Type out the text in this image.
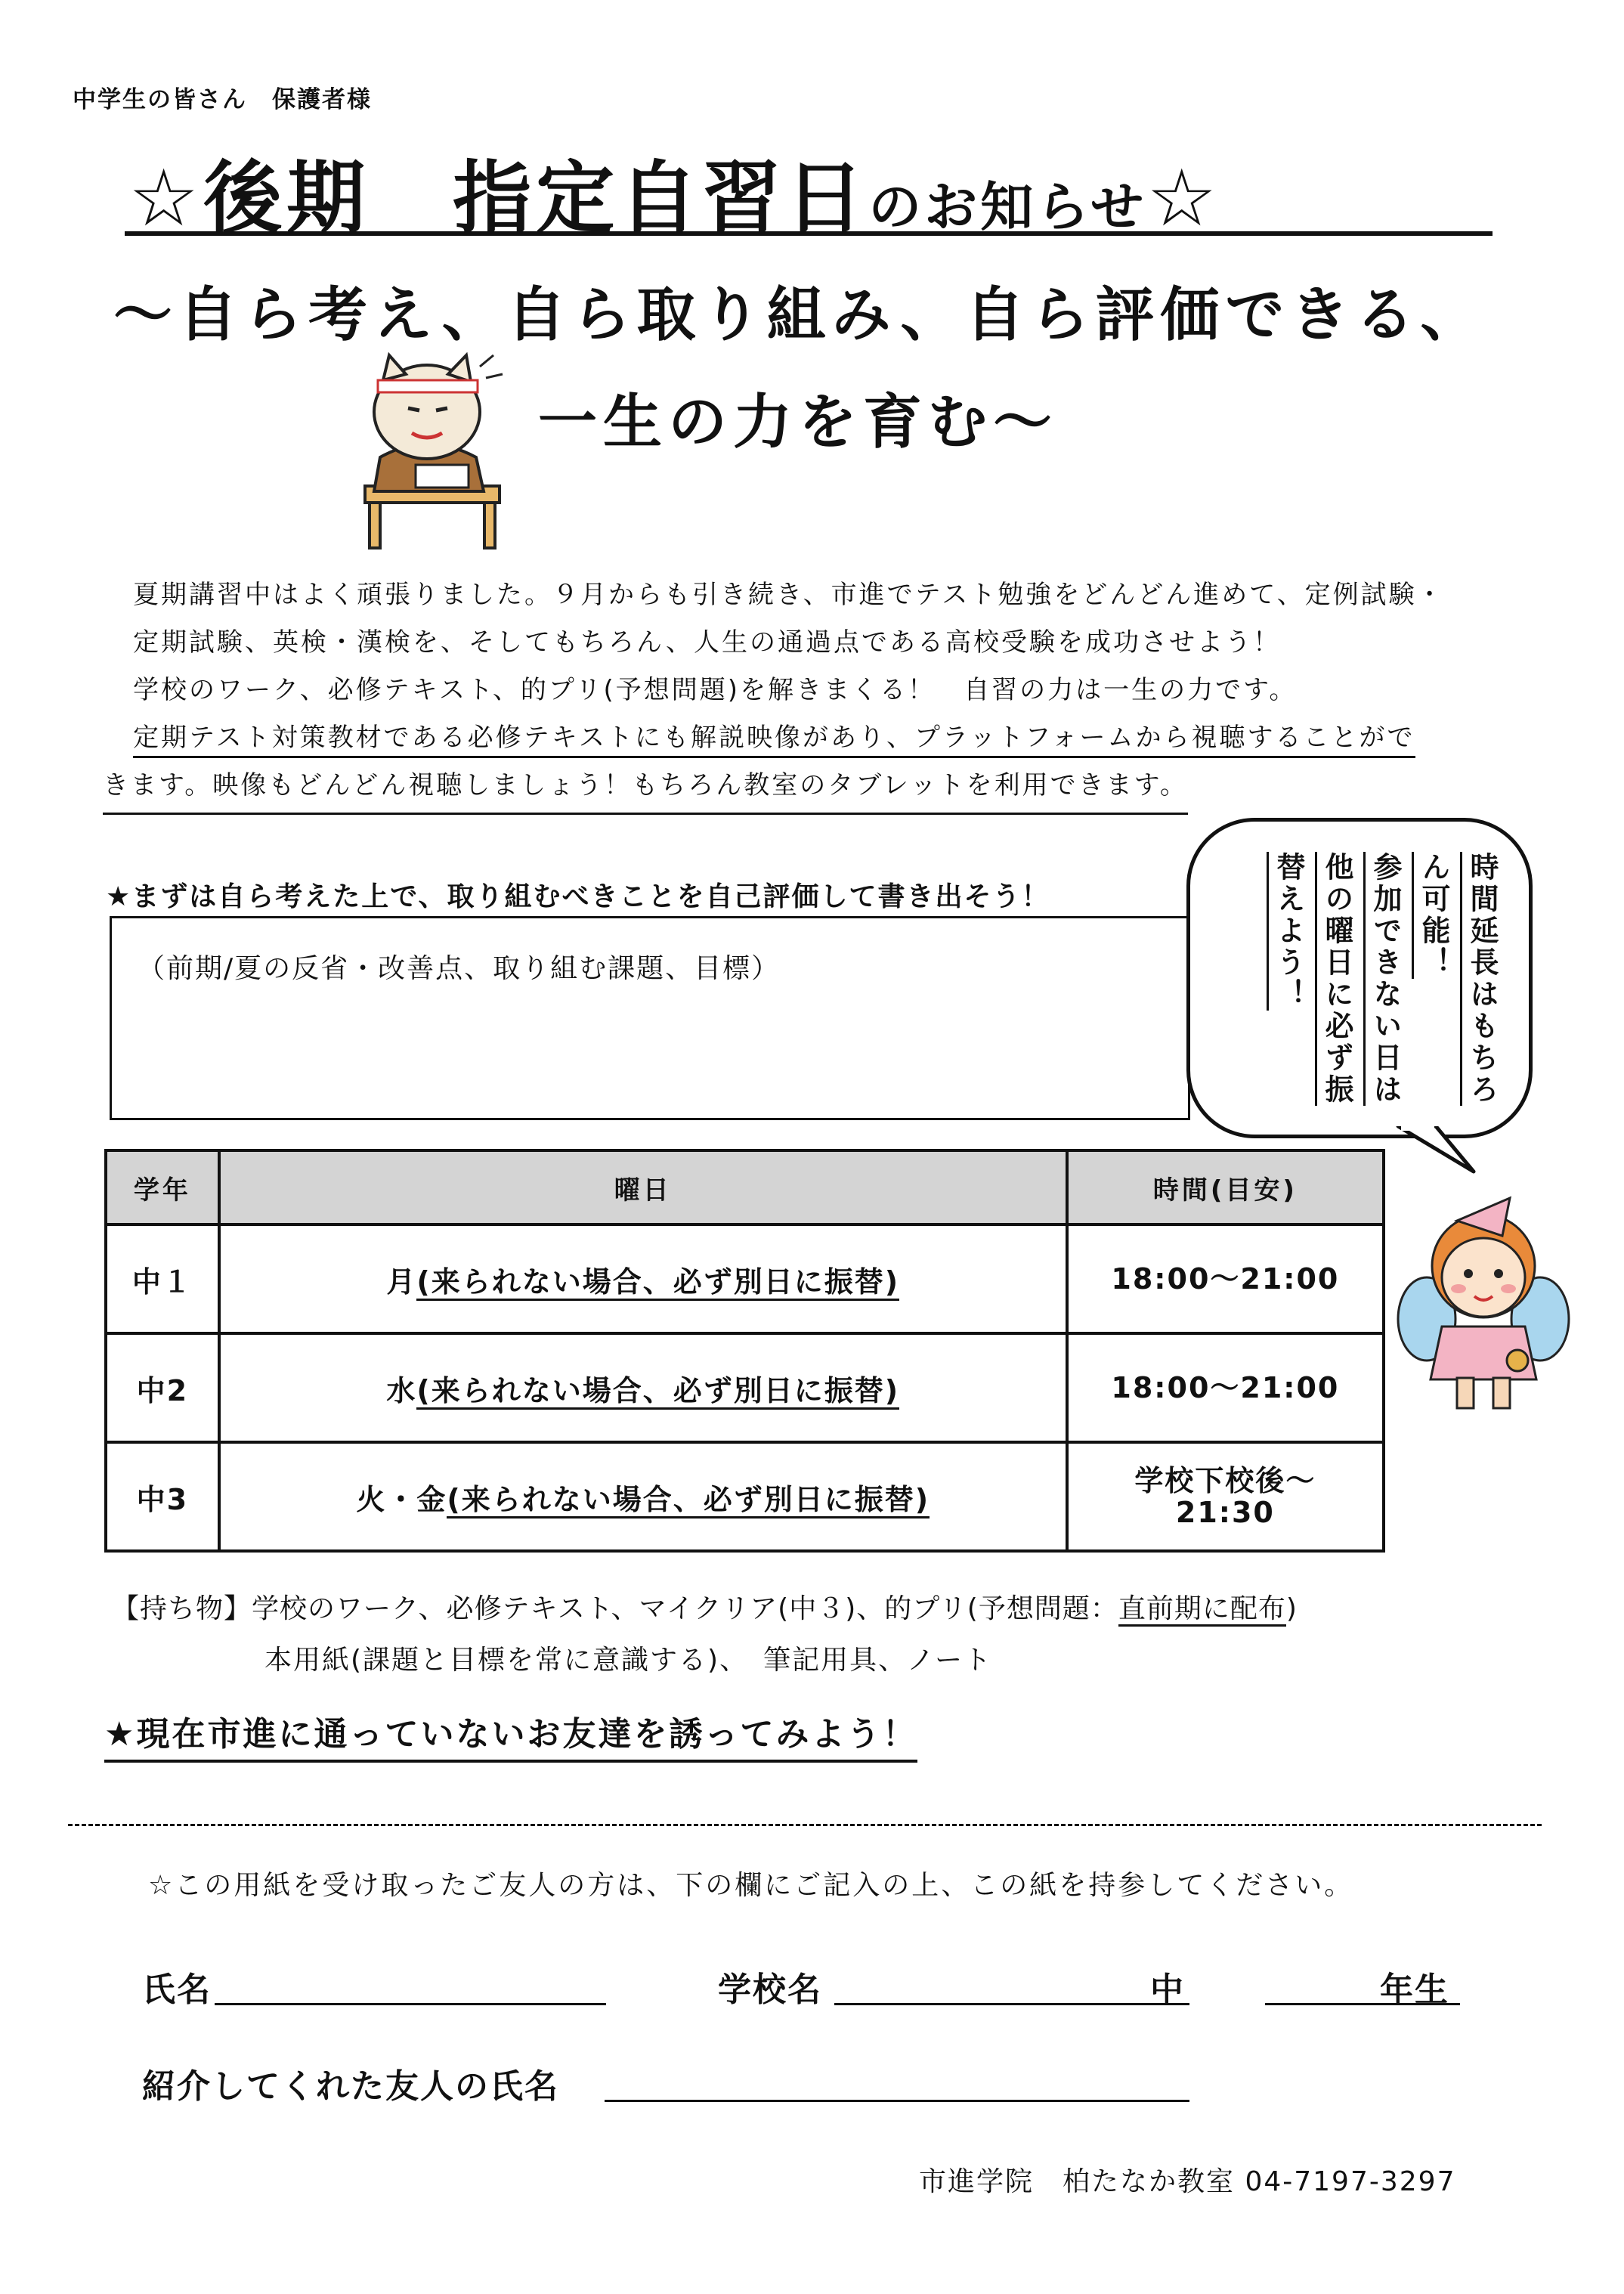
中学生の皆さん　保護者様
☆後期　指定自習日のお知らせ☆
～自ら考え、自ら取り組み、自ら評価できる、
一生の力を育む～
夏期講習中はよく頑張りました。９月からも引き続き、市進でテスト勉強をどんどん進めて、定例試験・
定期試験、英検・漢検を、そしてもちろん、人生の通過点である高校受験を成功させよう！
学校のワーク、必修テキスト、的プリ(予想問題)を解きまくる！　自習の力は一生の力です。
定期テスト対策教材である必修テキストにも解説映像があり、プラットフォームから視聴することがで
きます。映像もどんどん視聴しましょう！もちろん教室のタブレットを利用できます。
★まずは自ら考えた上で、取り組むべきことを自己評価して書き出そう！
（前期/夏の反省・改善点、取り組む課題、目標）	時間延長はもちろ
ん可能！
参加できない日は
他の曜日に必ず振
替えよう！
学年	曜日	時間(目安)
中１	月(来られない場合、必ず別日に振替)	18:00～21:00
中2	水(来られない場合、必ず別日に振替)	18:00～21:00
中3	火・金(来られない場合、必ず別日に振替)	学校下校後～
21:30
【持ち物】学校のワーク、必修テキスト、マイクリア(中３)、的プリ(予想問題：直前期に配布)
本用紙(課題と目標を常に意識する)、　筆記用具、ノート
★現在市進に通っていないお友達を誘ってみよう！
☆この用紙を受け取ったご友人の方は、下の欄にご記入の上、この紙を持参してください。
氏名	学校名	中	年生
紹介してくれた友人の氏名
市進学院　柏たなか教室 04-7197-3297
